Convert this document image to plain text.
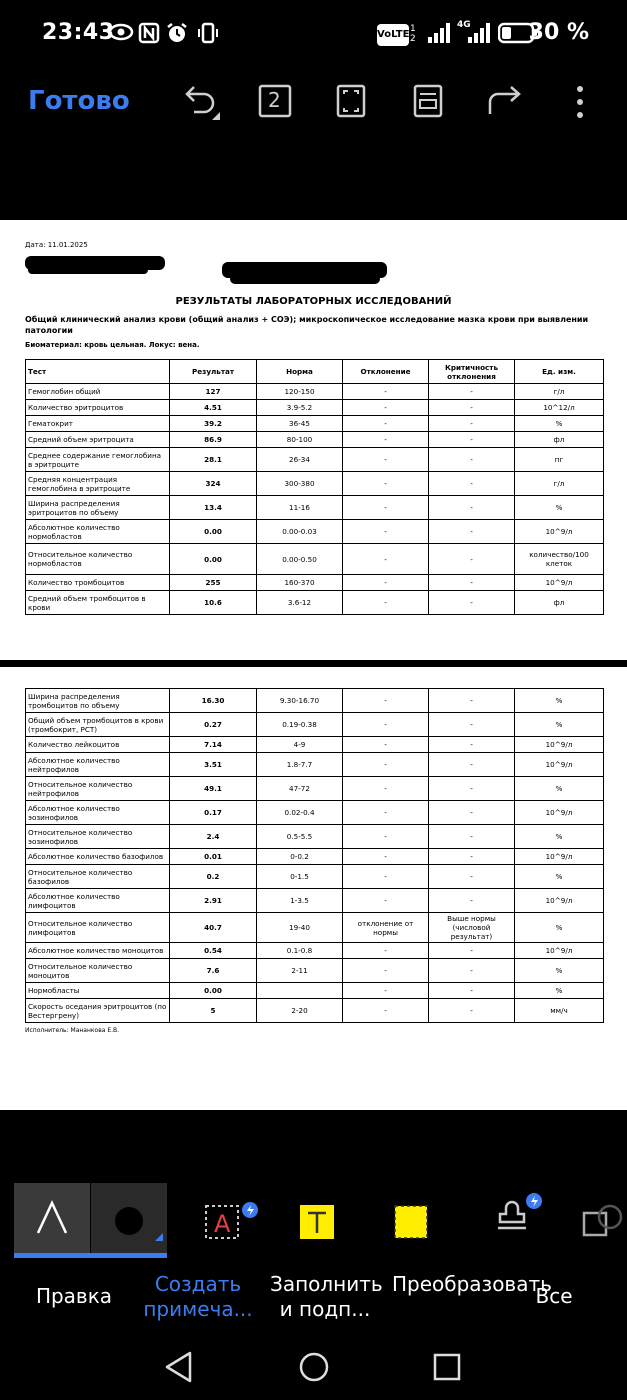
23:43	VoLTE 1 2
4G	30 %
Готово	2
Дата: 11.01.2025
РЕЗУЛЬТАТЫ ЛАБОРАТОРНЫХ ИССЛЕДОВАНИЙ
Общий клинический анализ крови (общий анализ + СОЭ); микроскопическое исследование мазка крови при выявлении патологии
Биоматериал: кровь цельная. Локус: вена.
Тест	Результат	Норма	Отклонение	Критичность отклонения	Ед. изм.
Гемоглобин общий	127	120-150	-	-	г/л
Количество эритроцитов	4.51	3.9-5.2	-	-	10^12/л
Гематокрит	39.2	36-45	-	-	%
Средний объем эритроцита	86.9	80-100	-	-	фл
Среднее содержание гемоглобина в эритроците	28.1	26-34	-	-	пг
Средняя концентрация гемоглобина в эритроците	324	300-380	-	-	г/л
Ширина распределения эритроцитов по объему	13.4	11-16	-	-	%
Абсолютное количество нормобластов	0.00	0.00-0.03	-	-	10^9/л
Относительное количество нормобластов	0.00	0.00-0.50	-	-	количество/100 клеток
Количество тромбоцитов	255	160-370	-	-	10^9/л
Средний объем тромбоцитов в крови	10.6	3.6-12	-	-	фл
Ширина распределения тромбоцитов по объему	16.30	9.30-16.70	-	-	%
Общий объем тромбоцитов в крови (тромбокрит, PCT)	0.27	0.19-0.38	-	-	%
Количество лейкоцитов	7.14	4-9	-	-	10^9/л
Абсолютное количество нейтрофилов	3.51	1.8-7.7	-	-	10^9/л
Относительное количество нейтрофилов	49.1	47-72	-	-	%
Абсолютное количество эозинофилов	0.17	0.02-0.4	-	-	10^9/л
Относительное количество эозинофилов	2.4	0.5-5.5	-	-	%
Абсолютное количество базофилов	0.01	0-0.2	-	-	10^9/л
Относительное количество базофилов	0.2	0-1.5	-	-	%
Абсолютное количество лимфоцитов	2.91	1-3.5	-	-	10^9/л
Относительное количество лимфоцитов	40.7	19-40	отклонение от нормы	Выше нормы (числовой результат)	%
Абсолютное количество моноцитов	0.54	0.1-0.8	-	-	10^9/л
Относительное количество моноцитов	7.6	2-11	-	-	%
Нормобласты	0.00		-	-	%
Скорость оседания эритроцитов (по Вестергрену)	5	2-20	-	-	мм/ч
Исполнитель: Мананкова Е.В.
A
Правка	Создать примеча...
Заполнить и подп...
Преобразовать
Все
